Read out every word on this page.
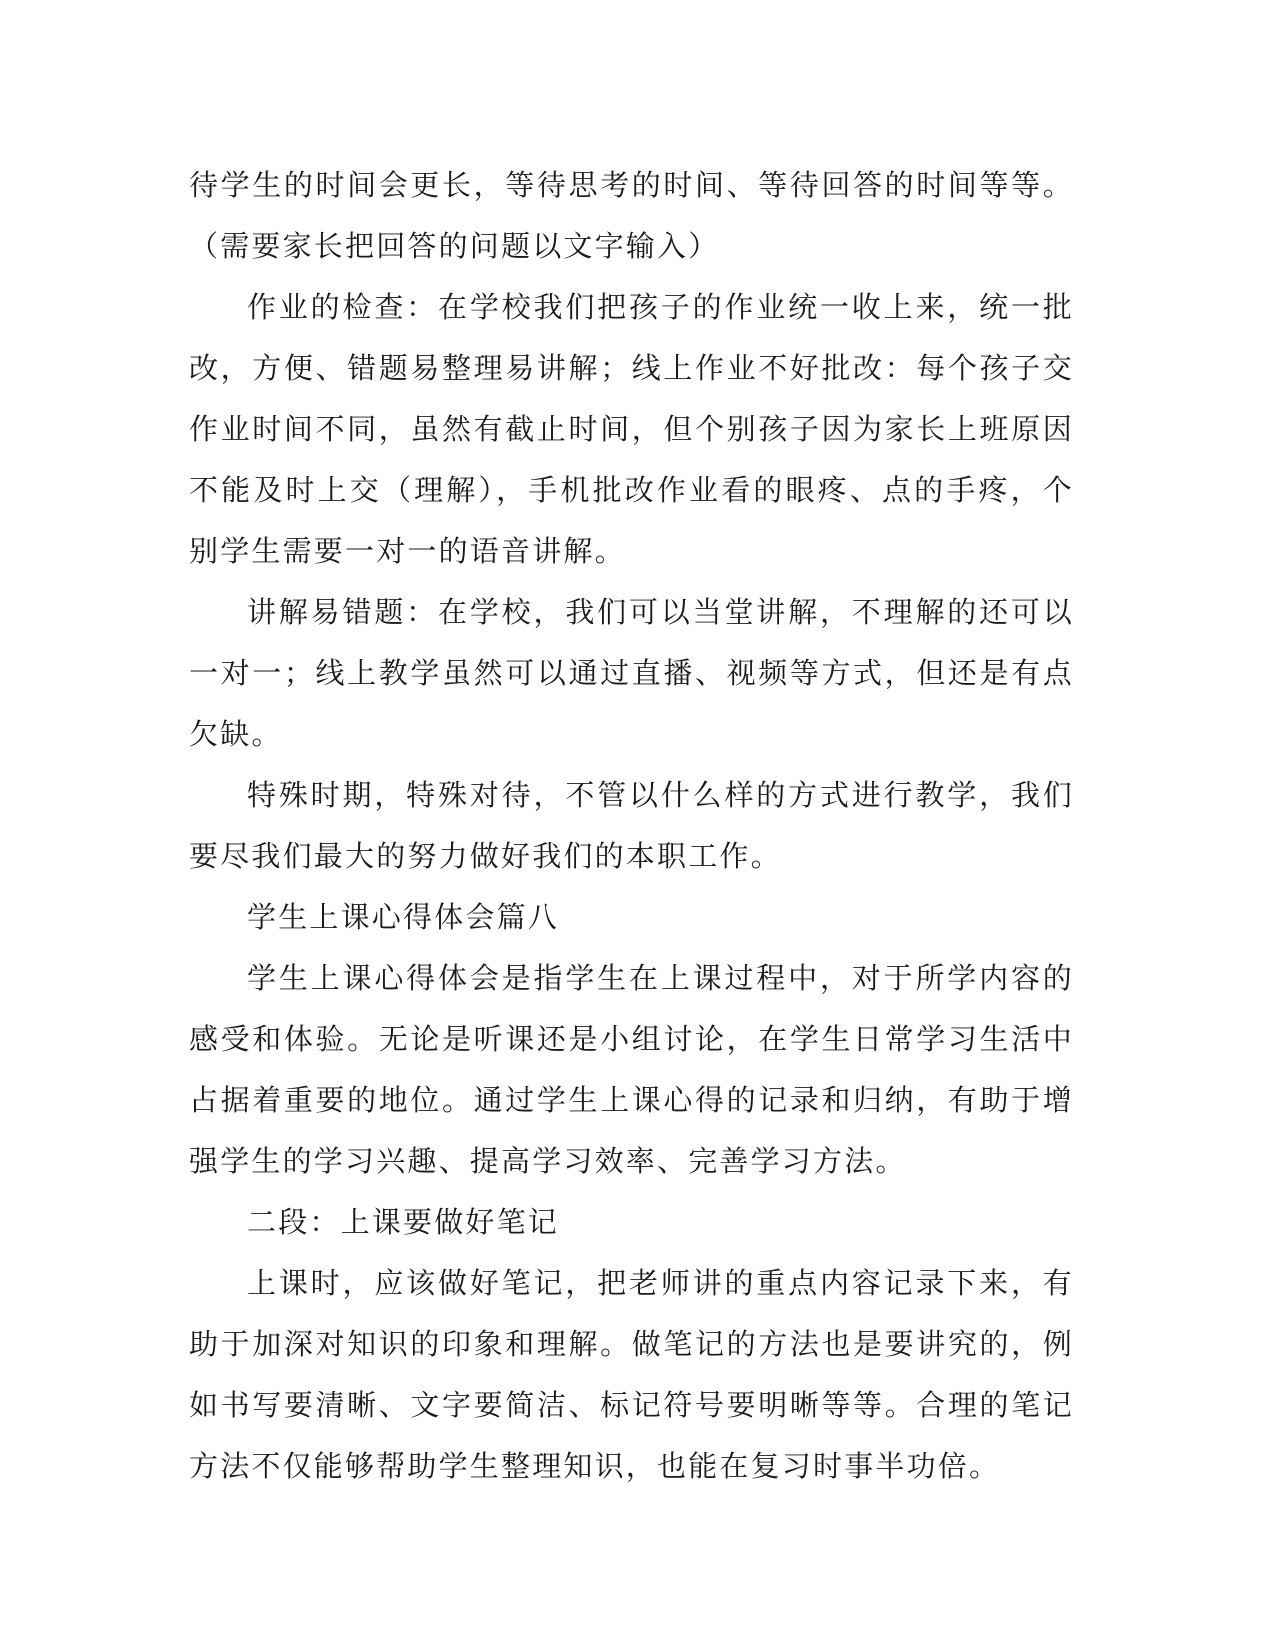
待学生的时间会更长，等待思考的时间、等待回答的时间等等。（需要家长把回答的问题以文字输入）

作业的检查：在学校我们把孩子的作业统一收上来，统一批改，方便、错题易整理易讲解；线上作业不好批改：每个孩子交作业时间不同，虽然有截止时间，但个别孩子因为家长上班原因不能及时上交（理解），手机批改作业看的眼疼、点的手疼，个别学生需要一对一的语音讲解。

讲解易错题：在学校，我们可以当堂讲解，不理解的还可以一对一；线上教学虽然可以通过直播、视频等方式，但还是有点欠缺。

特殊时期，特殊对待，不管以什么样的方式进行教学，我们要尽我们最大的努力做好我们的本职工作。

学生上课心得体会篇八

学生上课心得体会是指学生在上课过程中，对于所学内容的感受和体验。无论是听课还是小组讨论，在学生日常学习生活中占据着重要的地位。通过学生上课心得的记录和归纳，有助于增强学生的学习兴趣、提高学习效率、完善学习方法。

二段：上课要做好笔记

上课时，应该做好笔记，把老师讲的重点内容记录下来，有助于加深对知识的印象和理解。做笔记的方法也是要讲究的，例如书写要清晰、文字要简洁、标记符号要明晰等等。合理的笔记方法不仅能够帮助学生整理知识，也能在复习时事半功倍。
